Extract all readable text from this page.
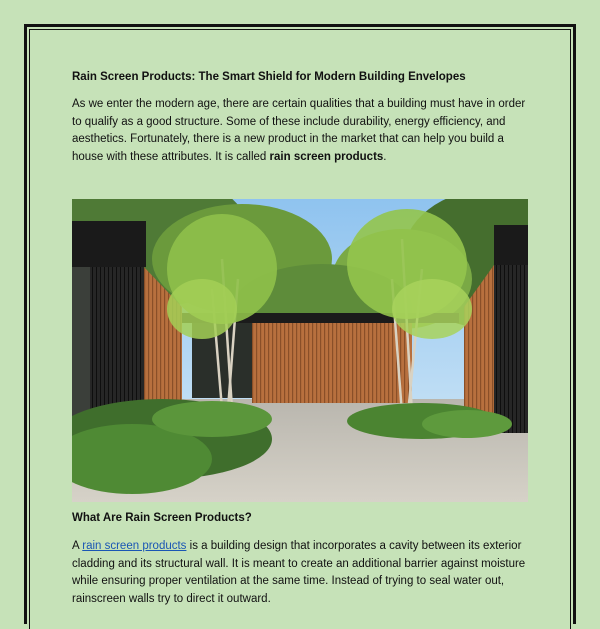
Rain Screen Products: The Smart Shield for Modern Building Envelopes

As we enter the modern age, there are certain qualities that a building must have in order to qualify as a good structure. Some of these include durability, energy efficiency, and aesthetics. Fortunately, there is a new product in the market that can help you build a house with these attributes. It is called rain screen products.

What Are Rain Screen Products?

A rain screen products is a building design that incorporates a cavity between its exterior cladding and its structural wall. It is meant to create an additional barrier against moisture while ensuring proper ventilation at the same time. Instead of trying to seal water out, rainscreen walls try to direct it outward.
